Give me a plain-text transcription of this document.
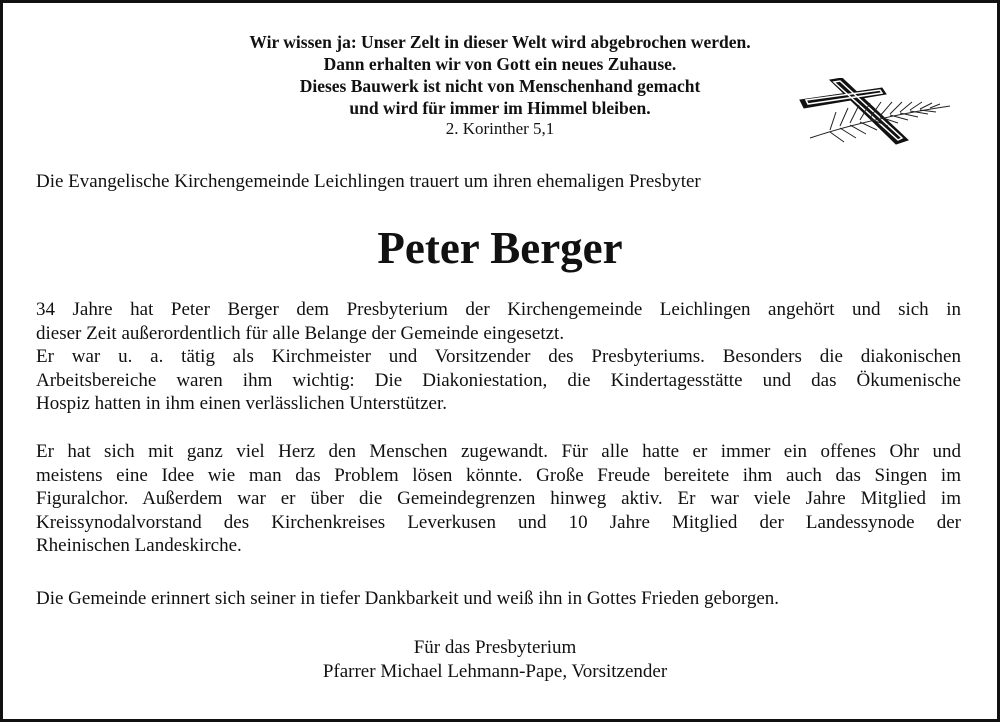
Wir wissen ja: Unser Zelt in dieser Welt wird abgebrochen werden.
Dann erhalten wir von Gott ein neues Zuhause.
Dieses Bauwerk ist nicht von Menschenhand gemacht
und wird für immer im Himmel bleiben.
2. Korinther 5,1
Die Evangelische Kirchengemeinde Leichlingen trauert um ihren ehemaligen Presbyter
Peter Berger
34 Jahre hat Peter Berger dem Presbyterium der Kirchengemeinde Leichlingen angehört und sich in
dieser Zeit außerordentlich für alle Belange der Gemeinde eingesetzt.
Er war u. a. tätig als Kirchmeister und Vorsitzender des Presbyteriums. Besonders die diakonischen
Arbeitsbereiche waren ihm wichtig: Die Diakoniestation, die Kindertagesstätte und das Ökumenische
Hospiz hatten in ihm einen verlässlichen Unterstützer.
Er hat sich mit ganz viel Herz den Menschen zugewandt. Für alle hatte er immer ein offenes Ohr und
meistens eine Idee wie man das Problem lösen könnte. Große Freude bereitete ihm auch das Singen im
Figuralchor. Außerdem war er über die Gemeindegrenzen hinweg aktiv. Er war viele Jahre Mitglied im
Kreissynodalvorstand des Kirchenkreises Leverkusen und 10 Jahre Mitglied der Landessynode der
Rheinischen Landeskirche.
Die Gemeinde erinnert sich seiner in tiefer Dankbarkeit und weiß ihn in Gottes Frieden geborgen.
Für das Presbyterium
Pfarrer Michael Lehmann-Pape, Vorsitzender
